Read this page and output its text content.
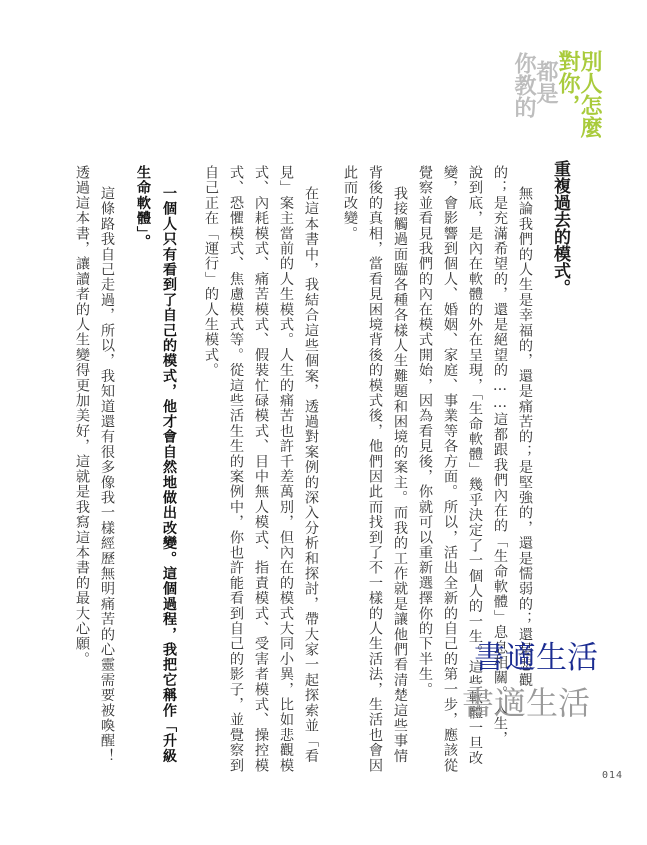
別人怎麼
對你，
都是
你教的
重複過去的模式。
無論我們的人生是幸福的，還是痛苦的；是堅強的，還是懦弱的；還是悲觀
的；是充滿希望的，還是絕望的……這都跟我們內在的「生命軟體」息息相關。人生，
說到底，是內在軟體的外在呈現，「生命軟體」幾乎決定了一個人的一生。這些軟體一旦改
變，會影響到個人、婚姻、家庭、事業等各方面。所以，活出全新的自己的第一步，應該從
覺察並看見我們的內在模式開始，因為看見後，你就可以重新選擇你的下半生。
我接觸過面臨各種各樣人生難題和困境的案主。而我的工作就是讓他們看清楚這些事情
背後的真相，當看見困境背後的模式後，他們因此而找到了不一樣的人生活法，生活也會因
此而改變。
在這本書中，我結合這些個案，透過對案例的深入分析和探討，帶大家一起探索並「看
見」案主當前的人生模式。人生的痛苦也許千差萬別，但內在的模式大同小異，比如悲觀模
式、內耗模式、痛苦模式、假裝忙碌模式、目中無人模式、指責模式、受害者模式、操控模
式、恐懼模式、焦慮模式等。從這些活生生的案例中，你也許能看到自己的影子，並覺察到
自己正在「運行」的人生模式。
一個人只有看到了自己的模式，他才會自然地做出改變。這個過程，我把它稱作「升級
生命軟體」。
這條路我自己走過，所以，我知道還有很多像我一樣經歷無明痛苦的心靈需要被喚醒！
透過這本書，讓讀者的人生變得更加美好，這就是我寫這本書的最大心願。
014
書適生活
書適生活
